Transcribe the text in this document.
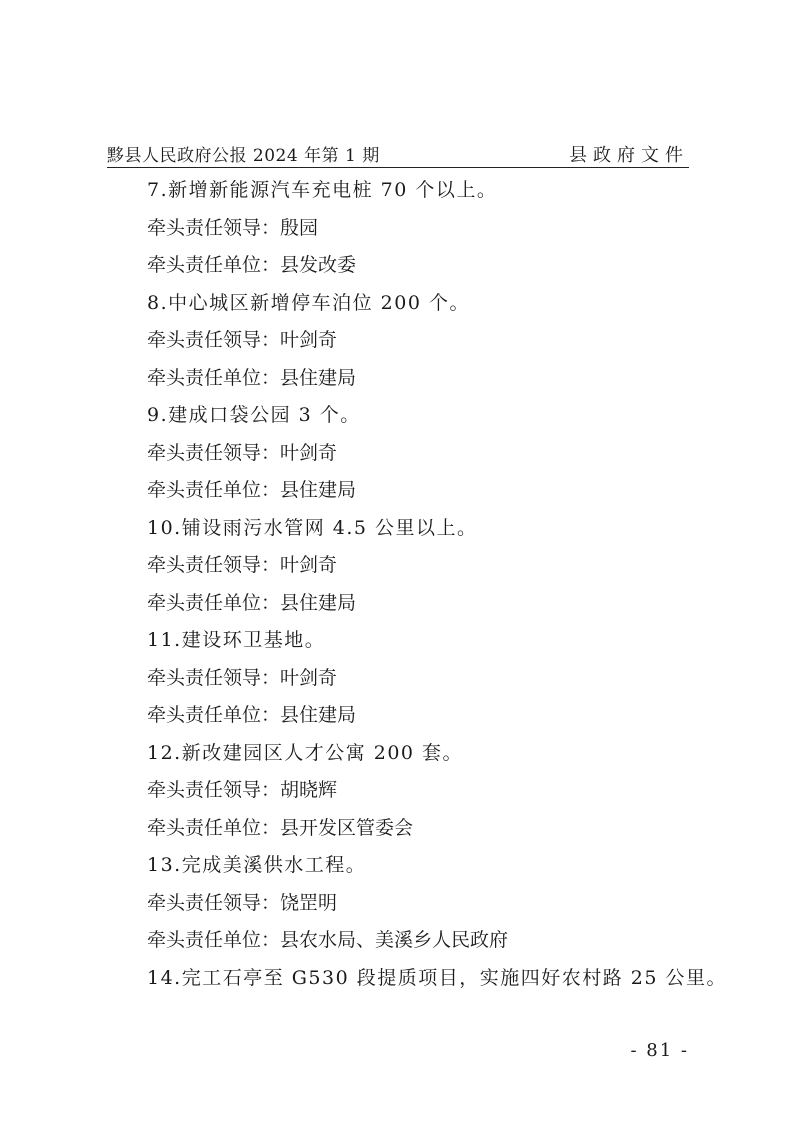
黟县人民政府公报 2024 年第 1 期	县政府文件
7.新增新能源汽车充电桩 70 个以上。
牵头责任领导：殷园
牵头责任单位：县发改委
8.中心城区新增停车泊位 200 个。
牵头责任领导：叶剑奇
牵头责任单位：县住建局
9.建成口袋公园 3 个。
牵头责任领导：叶剑奇
牵头责任单位：县住建局
10.铺设雨污水管网 4.5 公里以上。
牵头责任领导：叶剑奇
牵头责任单位：县住建局
11.建设环卫基地。
牵头责任领导：叶剑奇
牵头责任单位：县住建局
12.新改建园区人才公寓 200 套。
牵头责任领导：胡晓辉
牵头责任单位：县开发区管委会
13.完成美溪供水工程。
牵头责任领导：饶罡明
牵头责任单位：县农水局、美溪乡人民政府
14.完工石亭至 G530 段提质项目，实施四好农村路 25 公里。
- 81 -
